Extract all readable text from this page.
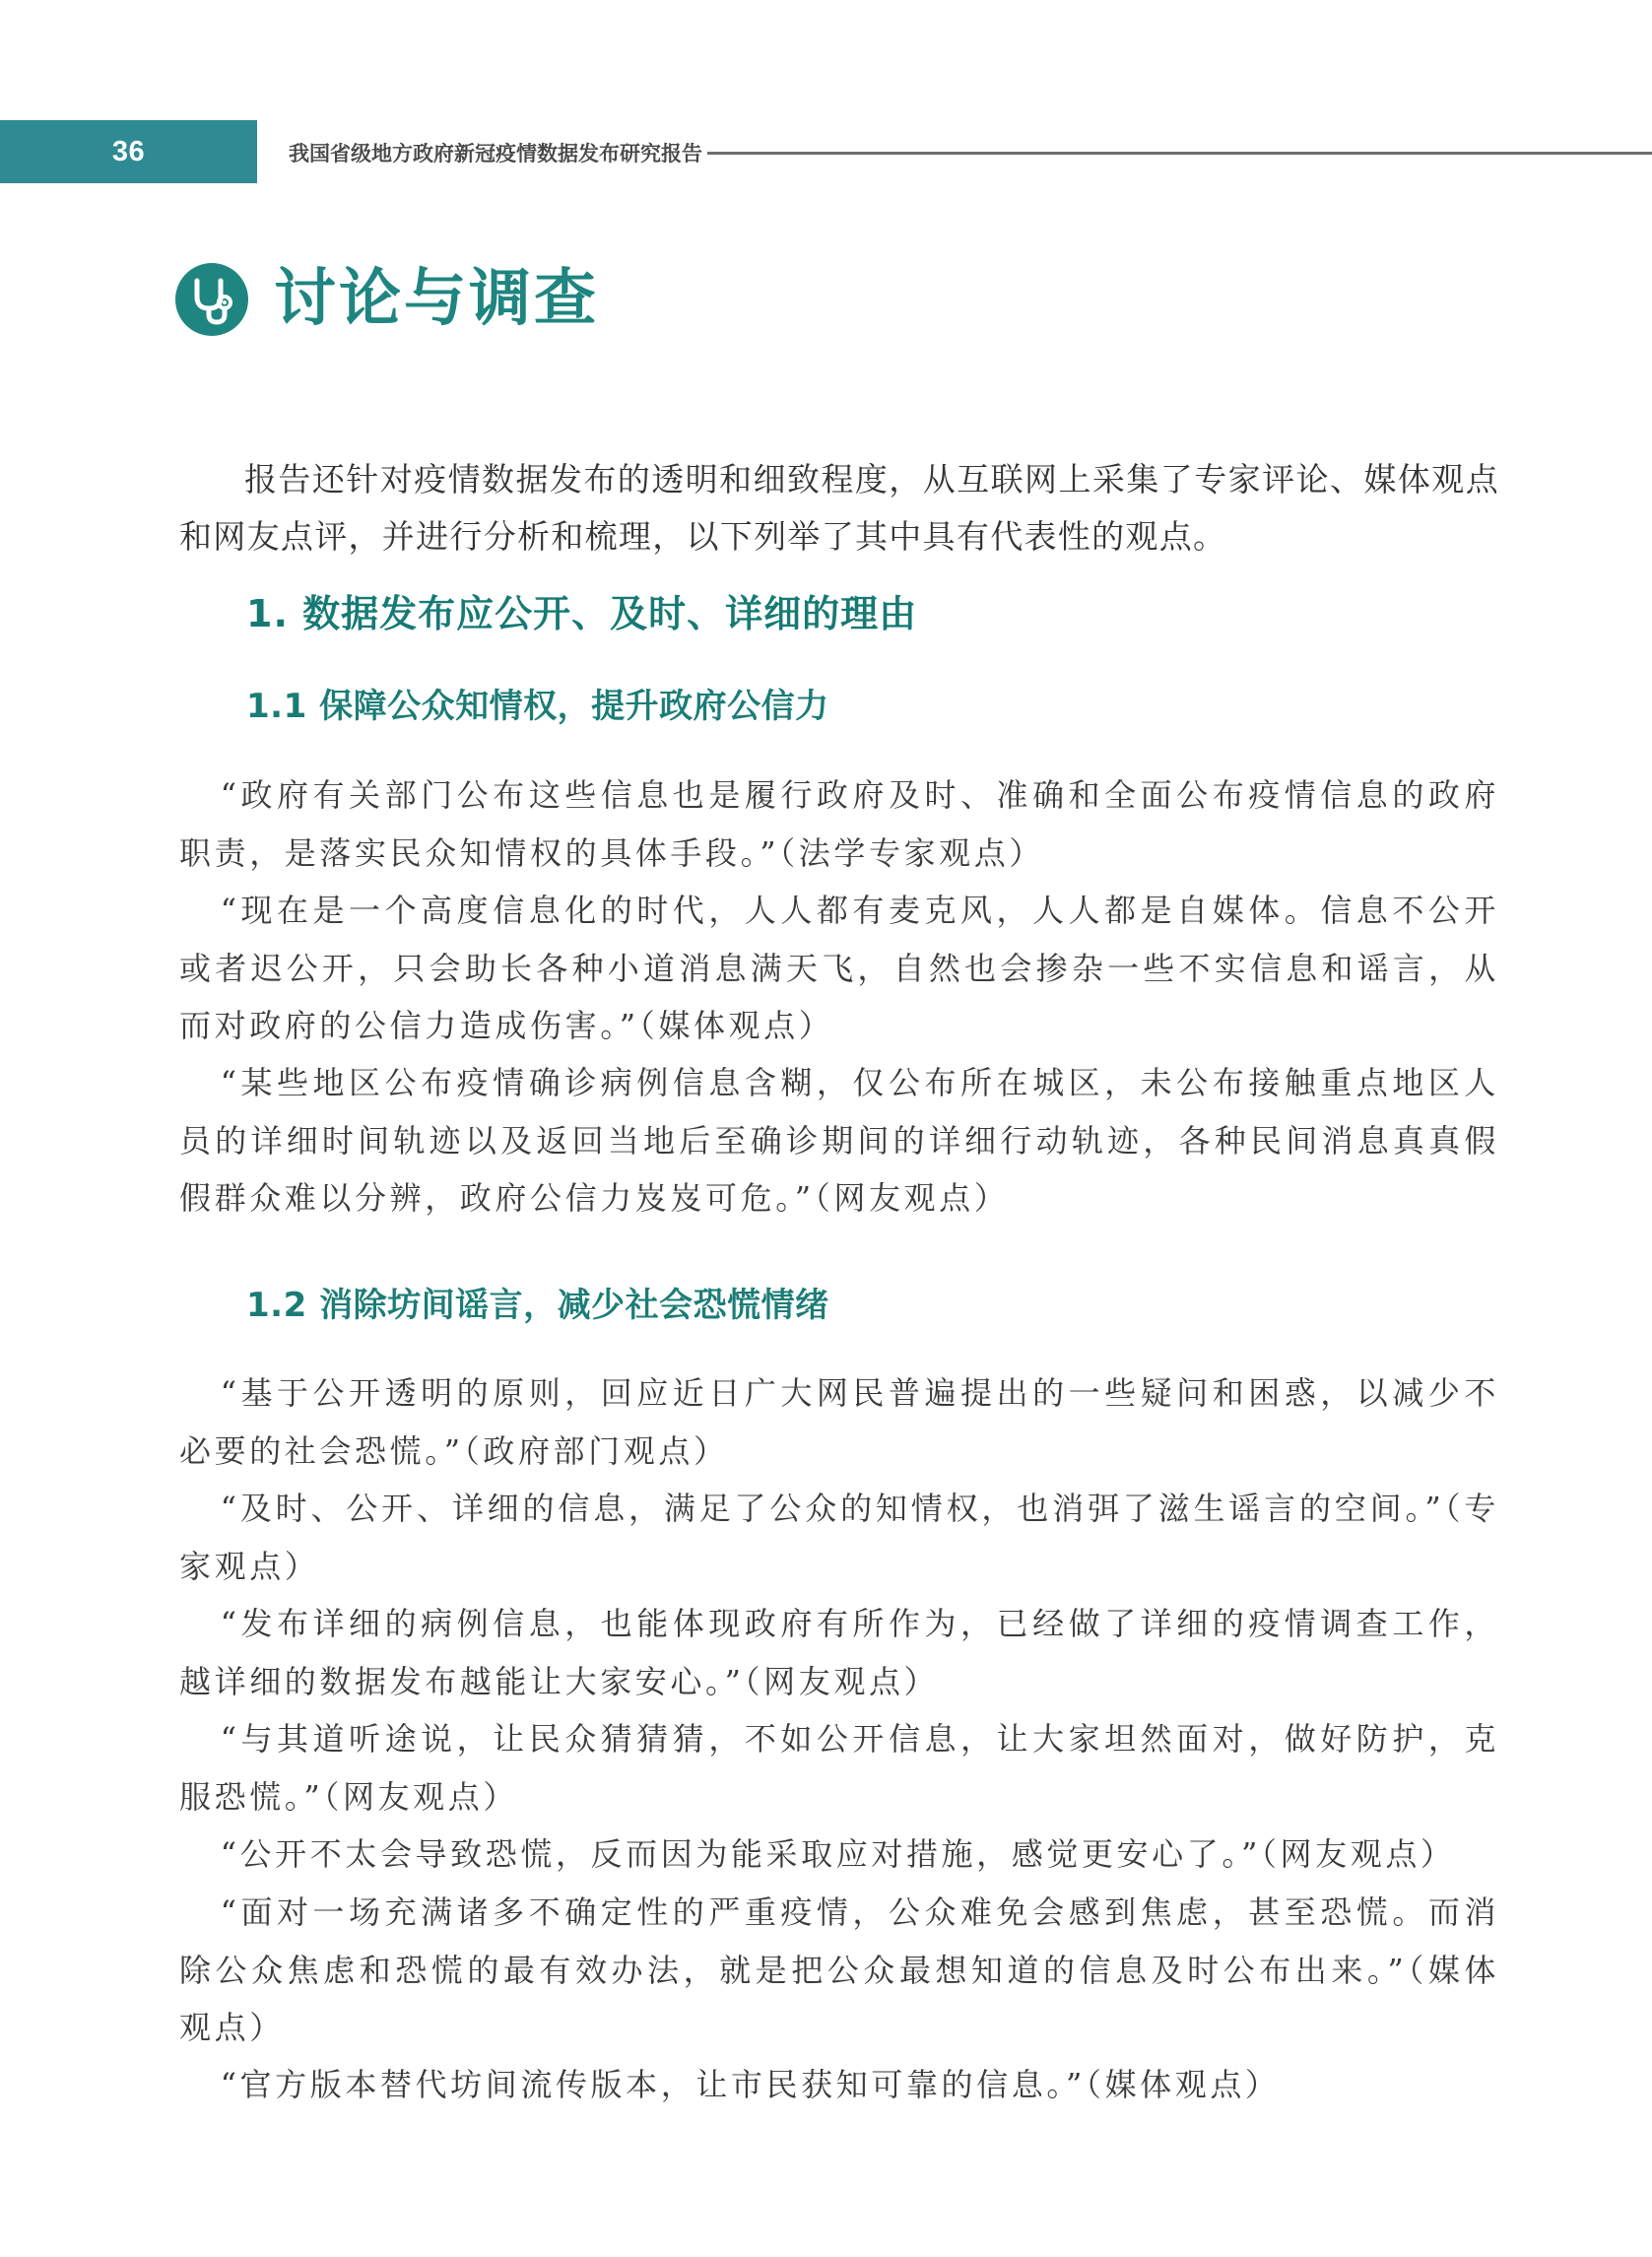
36	我国省级地方政府新冠疫情数据发布研究报告
讨论与调查

报告还针对疫情数据发布的透明和细致程度，从互联网上采集了专家评论、媒体观点和网友点评，并进行分析和梳理，以下列举了其中具有代表性的观点。

1. 数据发布应公开、及时、详细的理由
1.1 保障公众知情权，提升政府公信力

“政府有关部门公布这些信息也是履行政府及时、准确和全面公布疫情信息的政府职责，是落实民众知情权的具体手段。”（法学专家观点）

“现在是一个高度信息化的时代，人人都有麦克风，人人都是自媒体。信息不公开或者迟公开，只会助长各种小道消息满天飞，自然也会掺杂一些不实信息和谣言，从而对政府的公信力造成伤害。”（媒体观点）

“某些地区公布疫情确诊病例信息含糊，仅公布所在城区，未公布接触重点地区人员的详细时间轨迹以及返回当地后至确诊期间的详细行动轨迹，各种民间消息真真假假群众难以分辨，政府公信力岌岌可危。”（网友观点）

1.2 消除坊间谣言，减少社会恐慌情绪

“基于公开透明的原则，回应近日广大网民普遍提出的一些疑问和困惑，以减少不必要的社会恐慌。”（政府部门观点）

“及时、公开、详细的信息，满足了公众的知情权，也消弭了滋生谣言的空间。”（专家观点）

“发布详细的病例信息，也能体现政府有所作为，已经做了详细的疫情调查工作，越详细的数据发布越能让大家安心。”（网友观点）

“与其道听途说，让民众猜猜猜，不如公开信息，让大家坦然面对，做好防护，克服恐慌。”（网友观点）

“公开不太会导致恐慌，反而因为能采取应对措施，感觉更安心了。”（网友观点）

“面对一场充满诸多不确定性的严重疫情，公众难免会感到焦虑，甚至恐慌。而消除公众焦虑和恐慌的最有效办法，就是把公众最想知道的信息及时公布出来。”（媒体观点）

“官方版本替代坊间流传版本，让市民获知可靠的信息。”（媒体观点）
